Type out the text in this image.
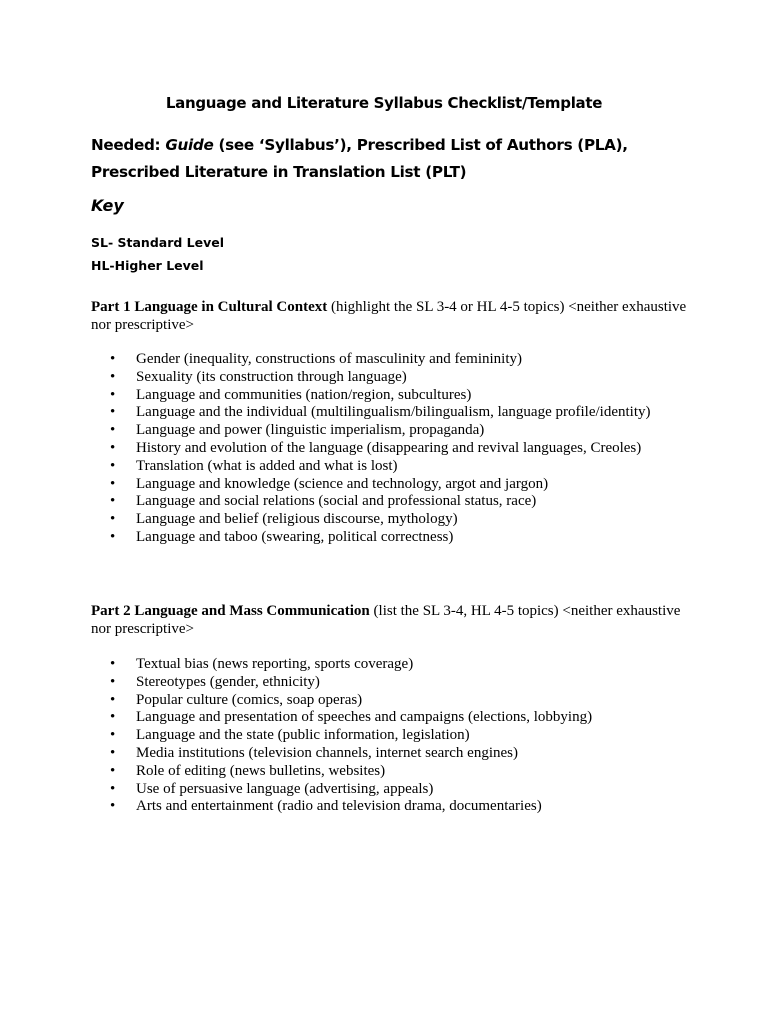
Language and Literature Syllabus Checklist/Template
Needed: Guide (see ‘Syllabus’), Prescribed List of Authors (PLA), Prescribed Literature in Translation List (PLT)
Key
SL- Standard Level
HL-Higher Level
Part 1 Language in Cultural Context (highlight the SL 3-4 or HL 4-5 topics) <neither exhaustive nor prescriptive>
• Gender (inequality, constructions of masculinity and femininity)
• Sexuality (its construction through language)
• Language and communities (nation/region, subcultures)
• Language and the individual (multilingualism/bilingualism, language profile/identity)
• Language and power (linguistic imperialism, propaganda)
• History and evolution of the language (disappearing and revival languages, Creoles)
• Translation (what is added and what is lost)
• Language and knowledge (science and technology, argot and jargon)
• Language and social relations (social and professional status, race)
• Language and belief (religious discourse, mythology)
• Language and taboo (swearing, political correctness)
Part 2 Language and Mass Communication (list the SL 3-4, HL 4-5 topics) <neither exhaustive nor prescriptive>
• Textual bias (news reporting, sports coverage)
• Stereotypes (gender, ethnicity)
• Popular culture (comics, soap operas)
• Language and presentation of speeches and campaigns (elections, lobbying)
• Language and the state (public information, legislation)
• Media institutions (television channels, internet search engines)
• Role of editing (news bulletins, websites)
• Use of persuasive language (advertising, appeals)
• Arts and entertainment (radio and television drama, documentaries)
